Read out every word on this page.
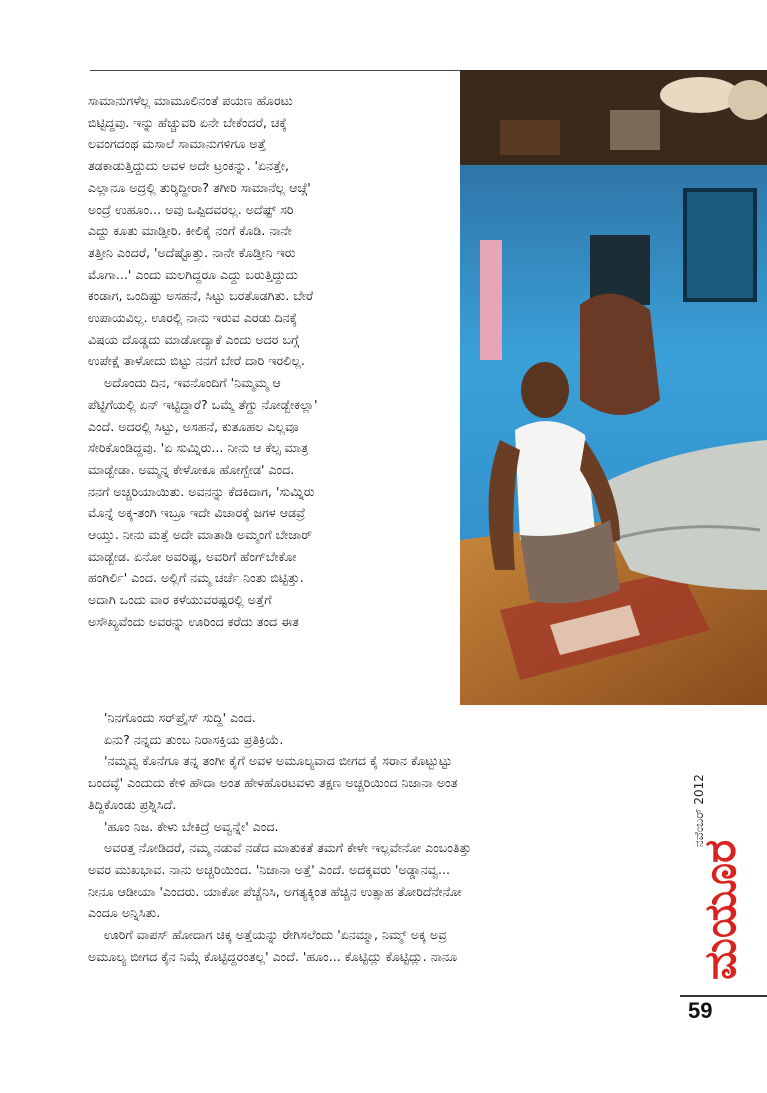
ಸಾಮಾನುಗಳೆಲ್ಲ ಮಾಮೂಲಿನಂತೆ ಪಯಣ ಹೊರಟು
ಬಿಟ್ಟಿದ್ದವು. ಇನ್ನು ಹೆಚ್ಚುವರಿ ಏನೇ ಬೇಕೆಂದರೆ, ಚಕ್ಕೆ
ಲವಂಗದಂಥ ಮಸಾಲೆ ಸಾಮಾನುಗಳಿಗೂ ಅತ್ತೆ
ತಡಕಾಡುತ್ತಿದ್ದುದು ಅವಳ ಅದೇ ಟ್ರಂಕನ್ನು. 'ಏನತ್ತೇ,
ಎಲ್ಲಾನೂ ಅದ್ರಲ್ಲಿ ತುರ್‍ಕಿದ್ದೀರಾ? ತಗೀರಿ ಸಾಮಾನೆಲ್ಲ ಆಚ್ಗೆ'
ಅಂದ್ರೆ ಉಹೂಂ... ಅವು ಒಪ್ಪಿದವರಲ್ಲ. ಅದೆಷ್ಟ್ ಸರಿ
ಎದ್ದು ಕೂತು ಮಾಡ್ತೀರಿ. ಕೀಲಿಕೈ ನಂಗೆ ಕೊಡಿ. ನಾನೇ
ತತ್ತೀನಿ ಎಂದರೆ, 'ಅದೆಷ್ಟೊತ್ತು. ನಾನೇ ಕೊಡ್ತೀನಿ ಇರು
ಮೊಗಾ...' ಎಂದು ಮಲಗಿದ್ದರೂ ಎದ್ದು ಬರುತ್ತಿದ್ದುದು
ಕಂಡಾಗ, ಒಂದಿಷ್ಟು ಅಸಹನೆ, ಸಿಟ್ಟು ಬರತೊಡಗಿತು. ಬೇರೆ
ಉಪಾಯವಿಲ್ಲ. ಊರಲ್ಲಿ ನಾನು ಇರುವ ಎರಡು ದಿನಕ್ಕೆ
ವಿಷಯ ದೊಡ್ಡದು ಮಾಡೋದ್ಯಾಕೆ ಎಂದು ಅದರ ಬಗ್ಗೆ
ಉಪೇಕ್ಷೆ ತಾಳೋದು ಬಿಟ್ಟು ನನಗೆ ಬೇರೆ ದಾರಿ ಇರಲಿಲ್ಲ.
ಅದೊಂದು ದಿನ, ಇವನೊಂದಿಗೆ 'ನಿಮ್ಮಮ್ಮ ಆ
ಪೆಟ್ಟಿಗೆಯಲ್ಲಿ ಏನ್ ಇಟ್ಟಿದ್ದಾರೆ? ಒಮ್ಮೆ ತೆಗ್ದು ನೋಡ್ಬೇಕಲ್ಲಾ'
ಎಂದೆ. ಅದರಲ್ಲಿ ಸಿಟ್ಟು, ಅಸಹನೆ, ಕುತೂಹಲ ಎಲ್ಲವೂ
ಸೇರಿಕೊಂಡಿದ್ದವು. 'ಏ ಸುಮ್ನಿರು... ನೀನು ಆ ಕೆಲ್ಸ ಮಾತ್ರ
ಮಾಡ್ಬೇಡಾ. ಅಮ್ಮನ್ನ ಕೇಳೋಕೂ ಹೋಗ್ಬೇಡ' ಎಂದ.
ನನಗೆ ಅಚ್ಚರಿಯಾಯಿತು. ಅವನನ್ನು ಕೆದಕಿದಾಗ, 'ಸುಮ್ನಿರು
ಮೊನ್ನೆ ಅಕ್ಕ-ತಂಗಿ ಇಬ್ರೂ ಇದೇ ವಿಚಾರಕ್ಕೆ ಜಗಳ ಆಡವ್ರೆ
ಆಯ್ತು. ನೀನು ಮತ್ತೆ ಅದೇ ಮಾತಾಡಿ ಅಮ್ಮಂಗೆ ಬೇಜಾರ್
ಮಾಡ್ಬೇಡ. ಏನೋ ಅವರಿಷ್ಟ, ಅವರಿಗೆ ಹೆಂಗ್‌ಬೇಕೋ
ಹಂಗಿರ್ಲಿ' ಎಂದ. ಅಲ್ಲಿಗೆ ನಮ್ಮ ಚರ್ಚೆ ನಿಂತು ಬಿಟ್ಟಿತ್ತು.
ಅದಾಗಿ ಒಂದು ವಾರ ಕಳೆಯುವರಷ್ಟರಲ್ಲಿ ಅತ್ತೆಗೆ
ಅಸೌಖ್ಯವೆಂದು ಅವರನ್ನು ಊರಿಂದ ಕರೆದು ತಂದ ಈತ
'ನಿನಗೊಂದು ಸರ್‌ಪ್ರೈಸ್ ಸುದ್ದಿ' ಎಂದ.
ಏನು? ನನ್ನದು ತುಂಬ ನಿರಾಸಕ್ತಿಯ ಪ್ರತಿಕ್ರಿಯೆ.
'ನಮ್ಮವ್ವ ಕೊನೆಗೂ ತನ್ನ ತಂಗೀ ಕೈಗೆ ಅವಳ ಅಮೂಲ್ಯವಾದ ಬೀಗದ ಕೈ ಸರಾನ ಕೊಟ್ಬುಟ್ಟು
ಬಂದವ್ಳೆ' ಎಂದುದು ಕೇಳಿ ಹೌದಾ ಅಂತ ಹೇಳಹೊರಟವಳು ತಕ್ಷಣ ಅಚ್ಚರಿಯಿಂದ ನಿಜಾನಾ ಅಂತ
ತಿದ್ದಿಕೊಂಡು ಪ್ರಶ್ನಿಸಿದೆ.
'ಹೂಂ ನಿಜ. ಕೇಳು ಬೇಕಿದ್ರೆ ಅವ್ವನ್ನೇ' ಎಂದ.
ಅವರತ್ತ ನೋಡಿದರೆ, ನಮ್ಮ ನಡುವೆ ನಡೆದ ಮಾತುಕತೆ ತಮಗೆ ಕೇಳೇ ಇಲ್ಲವೇನೋ ಎಂಬಂತಿತ್ತು
ಅವರ ಮುಖಭಾವ. ನಾನು ಅಚ್ಚರಿಯಿಂದ. 'ನಿಜಾನಾ ಅತ್ತೆ' ಎಂದೆ. ಅದಕ್ಕವರು 'ಅಡ್ಡಾನವ್ವ...
ನೀನೂ ಆಡೀಯಾ 'ಎಂದರು. ಯಾಕೋ ಪೆಚ್ಚೆನಿಸಿ, ಅಗತ್ಯಕ್ಕಿಂತ ಹೆಚ್ಚಿನ ಉತ್ಸಾಹ ತೋರಿದೆನೇನೋ
ಎಂದೂ ಅನ್ನಿಸಿತು.
ಊರಿಗೆ ವಾಪಸ್ ಹೋದಾಗ ಚಿಕ್ಕ ಅತ್ತೆಯನ್ನು ರೇಗಿಸಲೆಂದು 'ಏನಮ್ಮಾ, ನಿಮ್ಮ್ ಅಕ್ಕ ಅವ್ರ
ಅಮೂಲ್ಯ ಬೀಗದ ಕೈನ ನಿಮ್ಗೆ ಕೊಟ್ಟಿದ್ದರಂತಲ್ಲ' ಎಂದೆ. 'ಹೂಂ... ಕೊಟ್ಟಿದ್ಲು ಕೊಟ್ಟಿದ್ಲು. ನಾನೂ	ಮಯೂರ
ನವೆಂಬರ್ 2012
59
